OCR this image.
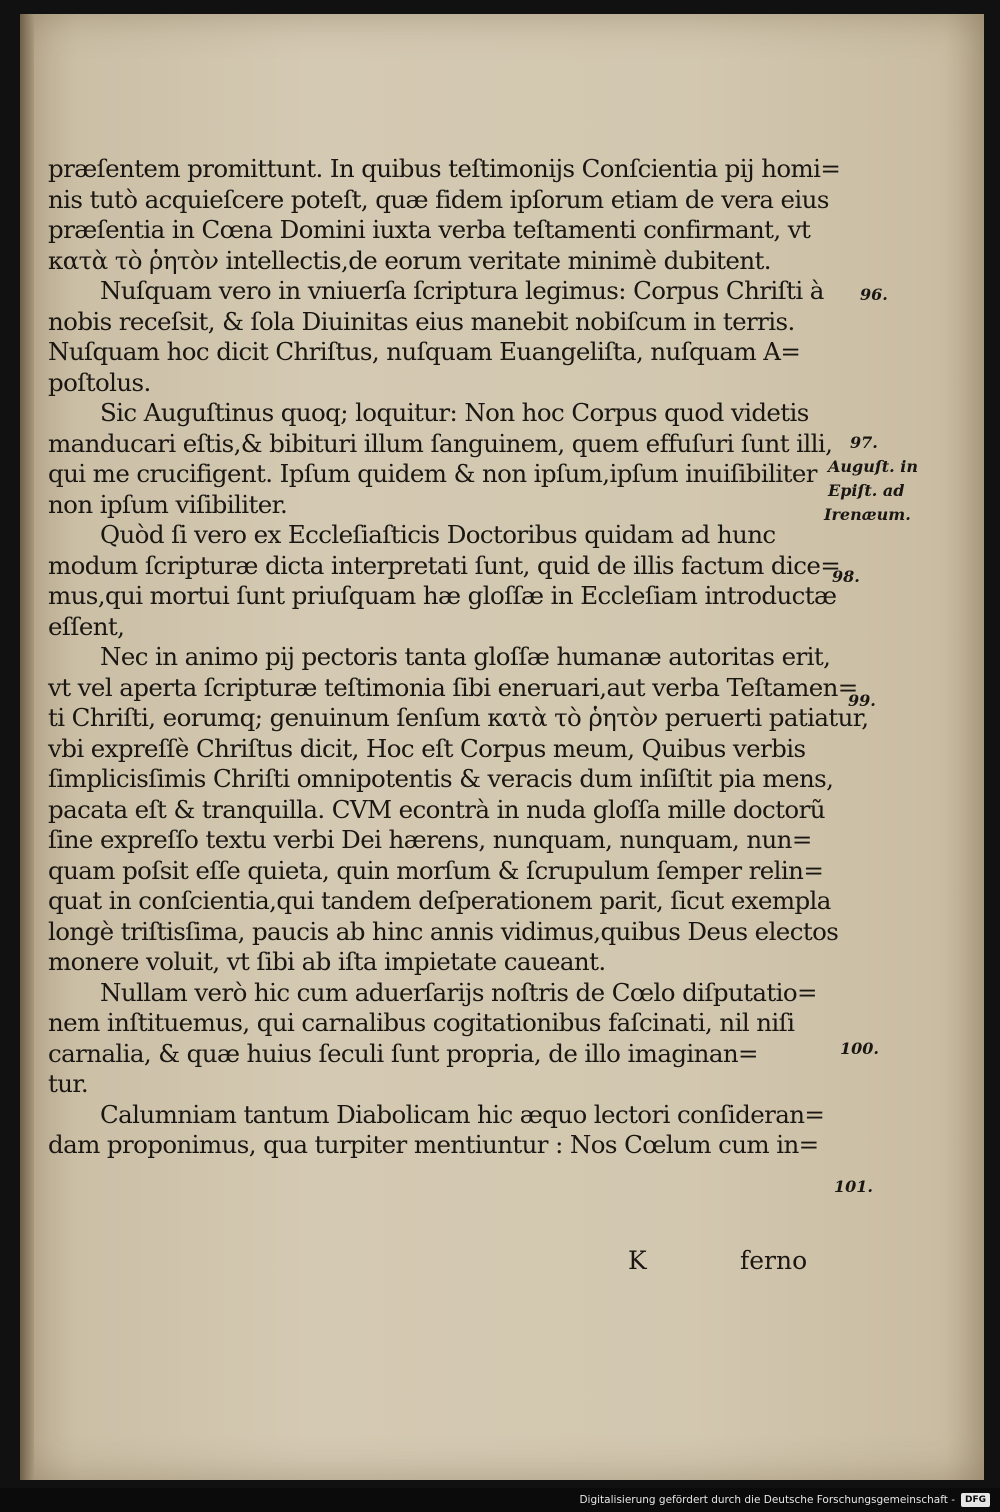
præſentem promittunt. In quibus teſtimonijs Conſcientia pij homi=
nis tutò acquieſcere poteſt, quæ fidem ipſorum etiam de vera eius
præſentia in Cœna Domini iuxta verba teſtamenti confirmant, vt
κατὰ τὸ ῥητὸν intellectis,de eorum veritate minimè dubitent.
Nuſquam vero in vniuerſa ſcriptura legimus: Corpus Chriſti à
nobis receſsit, & ſola Diuinitas eius manebit nobiſcum in terris.
Nuſquam hoc dicit Chriſtus, nuſquam Euangeliſta, nuſquam A=
poſtolus.
Sic Auguſtinus quoq; loquitur: Non hoc Corpus quod videtis
manducari eſtis,& bibituri illum ſanguinem, quem effuſuri ſunt illi,
qui me crucifigent. Ipſum quidem & non ipſum,ipſum inuiſibiliter
non ipſum viſibiliter.
Quòd ſi vero ex Eccleſiaſticis Doctoribus quidam ad hunc
modum ſcripturæ dicta interpretati ſunt, quid de illis factum dice=
mus,qui mortui ſunt priuſquam hæ gloſſæ in Eccleſiam introductæ
eſſent,
Nec in animo pij pectoris tanta gloſſæ humanæ autoritas erit,
vt vel aperta ſcripturæ teſtimonia ſibi eneruari,aut verba Teſtamen=
ti Chriſti, eorumq; genuinum ſenſum κατὰ τὸ ῥητὸν peruerti patiatur,
vbi expreſſè Chriſtus dicit, Hoc eſt Corpus meum, Quibus verbis
ſimplicisſimis Chriſti omnipotentis & veracis dum inſiſtit pia mens,
pacata eſt & tranquilla. CVM econtrà in nuda gloſſa mille doctorũ
ſine expreſſo textu verbi Dei hærens, nunquam, nunquam, nun=
quam poſsit eſſe quieta, quin morſum & ſcrupulum ſemper relin=
quat in conſcientia,qui tandem deſperationem parit, ſicut exempla
longè triſtisſima, paucis ab hinc annis vidimus,quibus Deus electos
monere voluit, vt ſibi ab iſta impietate caueant.
Nullam verò hic cum aduerſarijs noſtris de Cœlo diſputatio=
nem inſtituemus, qui carnalibus cogitationibus faſcinati, nil niſi
carnalia, & quæ huius ſeculi ſunt propria, de illo imaginan=
tur.
Calumniam tantum Diabolicam hic æquo lectori conſideran=
dam proponimus, qua turpiter mentiuntur : Nos Cœlum cum in=
96.
97.
Auguſt. in
Epiſt. ad
Irenæum.
98.
99.
100.
101.
K	ferno
Digitalisierung gefördert durch die Deutsche Forschungsgemeinschaft -	DFG
